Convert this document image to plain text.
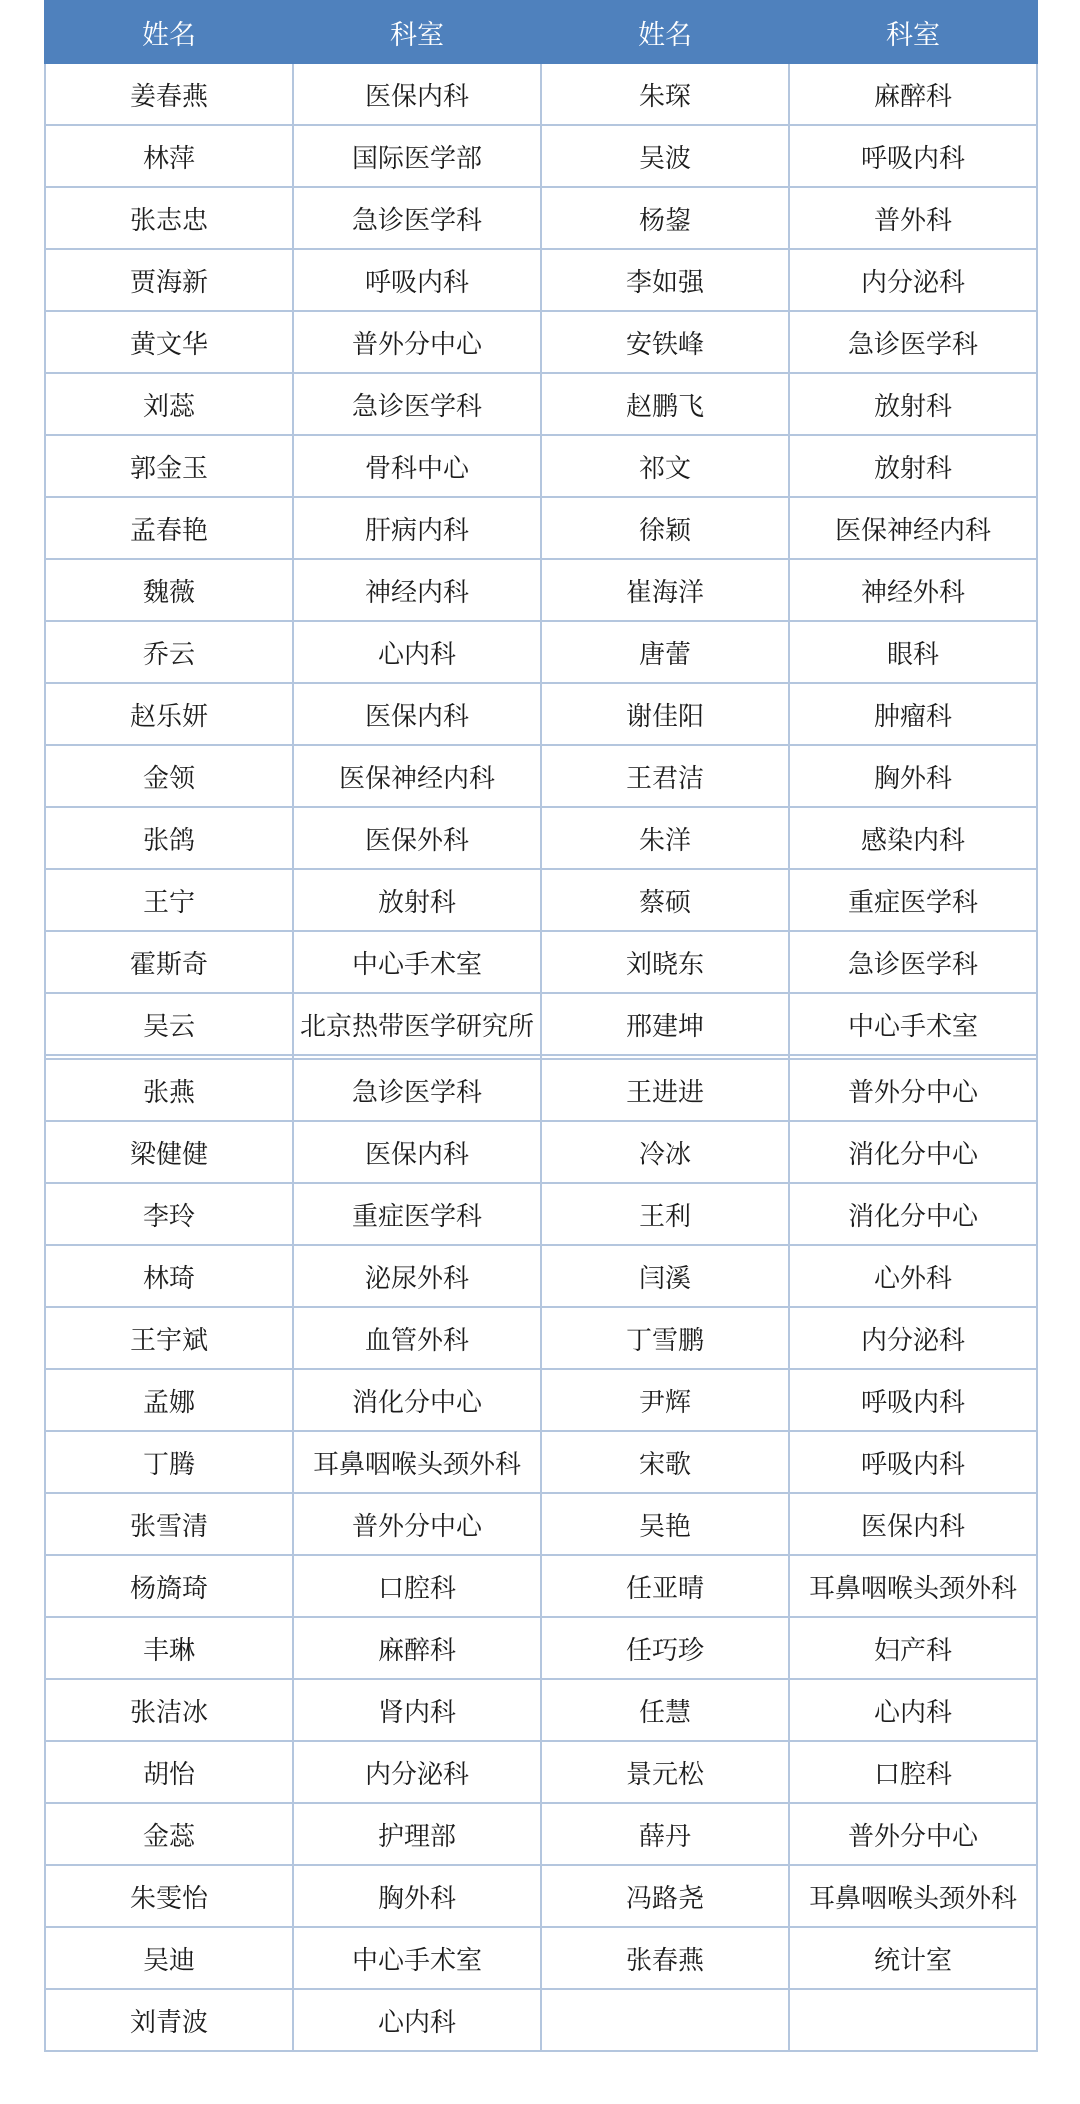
姓名	科室	姓名	科室
姜春燕	医保内科	朱琛	麻醉科
林萍	国际医学部	吴波	呼吸内科
张志忠	急诊医学科	杨鋆	普外科
贾海新	呼吸内科	李如强	内分泌科
黄文华	普外分中心	安铁峰	急诊医学科
刘蕊	急诊医学科	赵鹏飞	放射科
郭金玉	骨科中心	祁文	放射科
孟春艳	肝病内科	徐颖	医保神经内科
魏薇	神经内科	崔海洋	神经外科
乔云	心内科	唐蕾	眼科
赵乐妍	医保内科	谢佳阳	肿瘤科
金领	医保神经内科	王君洁	胸外科
张鸽	医保外科	朱洋	感染内科
王宁	放射科	蔡硕	重症医学科
霍斯奇	中心手术室	刘晓东	急诊医学科
吴云	北京热带医学研究所	邢建坤	中心手术室

张燕	急诊医学科	王进进	普外分中心
梁健健	医保内科	冷冰	消化分中心
李玲	重症医学科	王利	消化分中心
林琦	泌尿外科	闫溪	心外科
王宇斌	血管外科	丁雪鹏	内分泌科
孟娜	消化分中心	尹辉	呼吸内科
丁腾	耳鼻咽喉头颈外科	宋歌	呼吸内科
张雪清	普外分中心	吴艳	医保内科
杨旖琦	口腔科	任亚晴	耳鼻咽喉头颈外科
丰琳	麻醉科	任巧珍	妇产科
张洁冰	肾内科	任慧	心内科
胡怡	内分泌科	景元松	口腔科
金蕊	护理部	薛丹	普外分中心
朱雯怡	胸外科	冯路尧	耳鼻咽喉头颈外科
吴迪	中心手术室	张春燕	统计室
刘青波	心内科		
